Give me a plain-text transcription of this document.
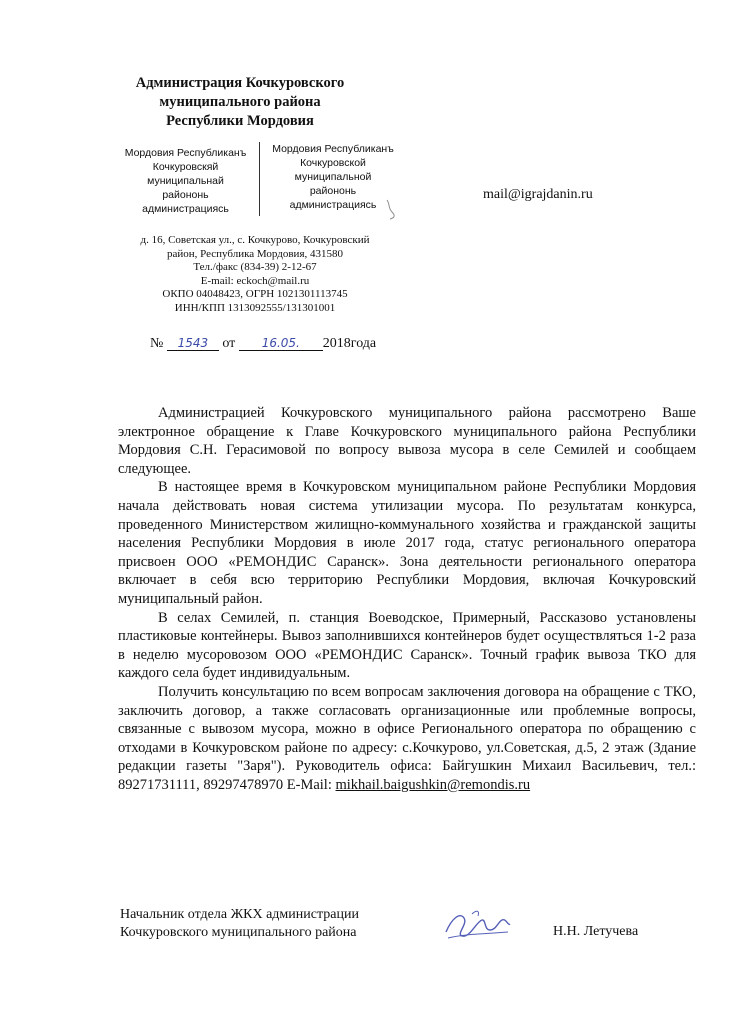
Администрация Кочкуровского
муниципального района
Республики Мордовия
Мордовия Республиканъ
Кочкуровскяй
муниципальнай
райононь
администрациясь
Мордовия Республиканъ
Кочкуровской
муниципальной
райононь
администрациясь
mail@igrajdanin.ru
д. 16, Советская ул., с. Кочкурово, Кочкуровский
район, Республика Мордовия, 431580
Тел./факс (834-39) 2-12-67
E-mail: eckoch@mail.ru
ОКПО 04048423, ОГРН 1021301113745
ИНН/КПП 1313092555/131301001
№ 1543 от 16.05. 2018года

Администрацией Кочкуровского муниципального района рассмотрено Ваше электронное обращение к Главе Кочкуровского муниципального района Республики Мордовия С.Н. Герасимовой по вопросу вывоза мусора в селе Семилей и сообщаем следующее.

В настоящее время в Кочкуровском муниципальном районе Республики Мордовия начала действовать новая система утилизации мусора. По результатам конкурса, проведенного Министерством жилищно-коммунального хозяйства и гражданской защиты населения Республики Мордовия в июле 2017 года, статус регионального оператора присвоен ООО «РЕМОНДИС Саранск». Зона деятельности регионального оператора включает в себя всю территорию Республики Мордовия, включая Кочкуровский муниципальный район.

В селах Семилей, п. станция Воеводское, Примерный, Рассказово установлены пластиковые контейнеры. Вывоз заполнившихся контейнеров будет осуществляться 1-2 раза в неделю мусоровозом ООО «РЕМОНДИС Саранск». Точный график вывоза ТКО для каждого села будет индивидуальным.

Получить консультацию по всем вопросам заключения договора на обращение с ТКО, заключить договор, а также согласовать организационные или проблемные вопросы, связанные с вывозом мусора, можно в офисе Регионального оператора по обращению с отходами в Кочкуровском районе по адресу: с.Кочкурово, ул.Советская, д.5, 2 этаж (Здание редакции газеты "Заря"). Руководитель офиса: Байгушкин Михаил Васильевич, тел.: 89271731111, 89297478970 E-Mail: mikhail.baigushkin@remondis.ru

Начальник отдела ЖКХ администрации
Кочкуровского муниципального района	Н.Н. Летучева
